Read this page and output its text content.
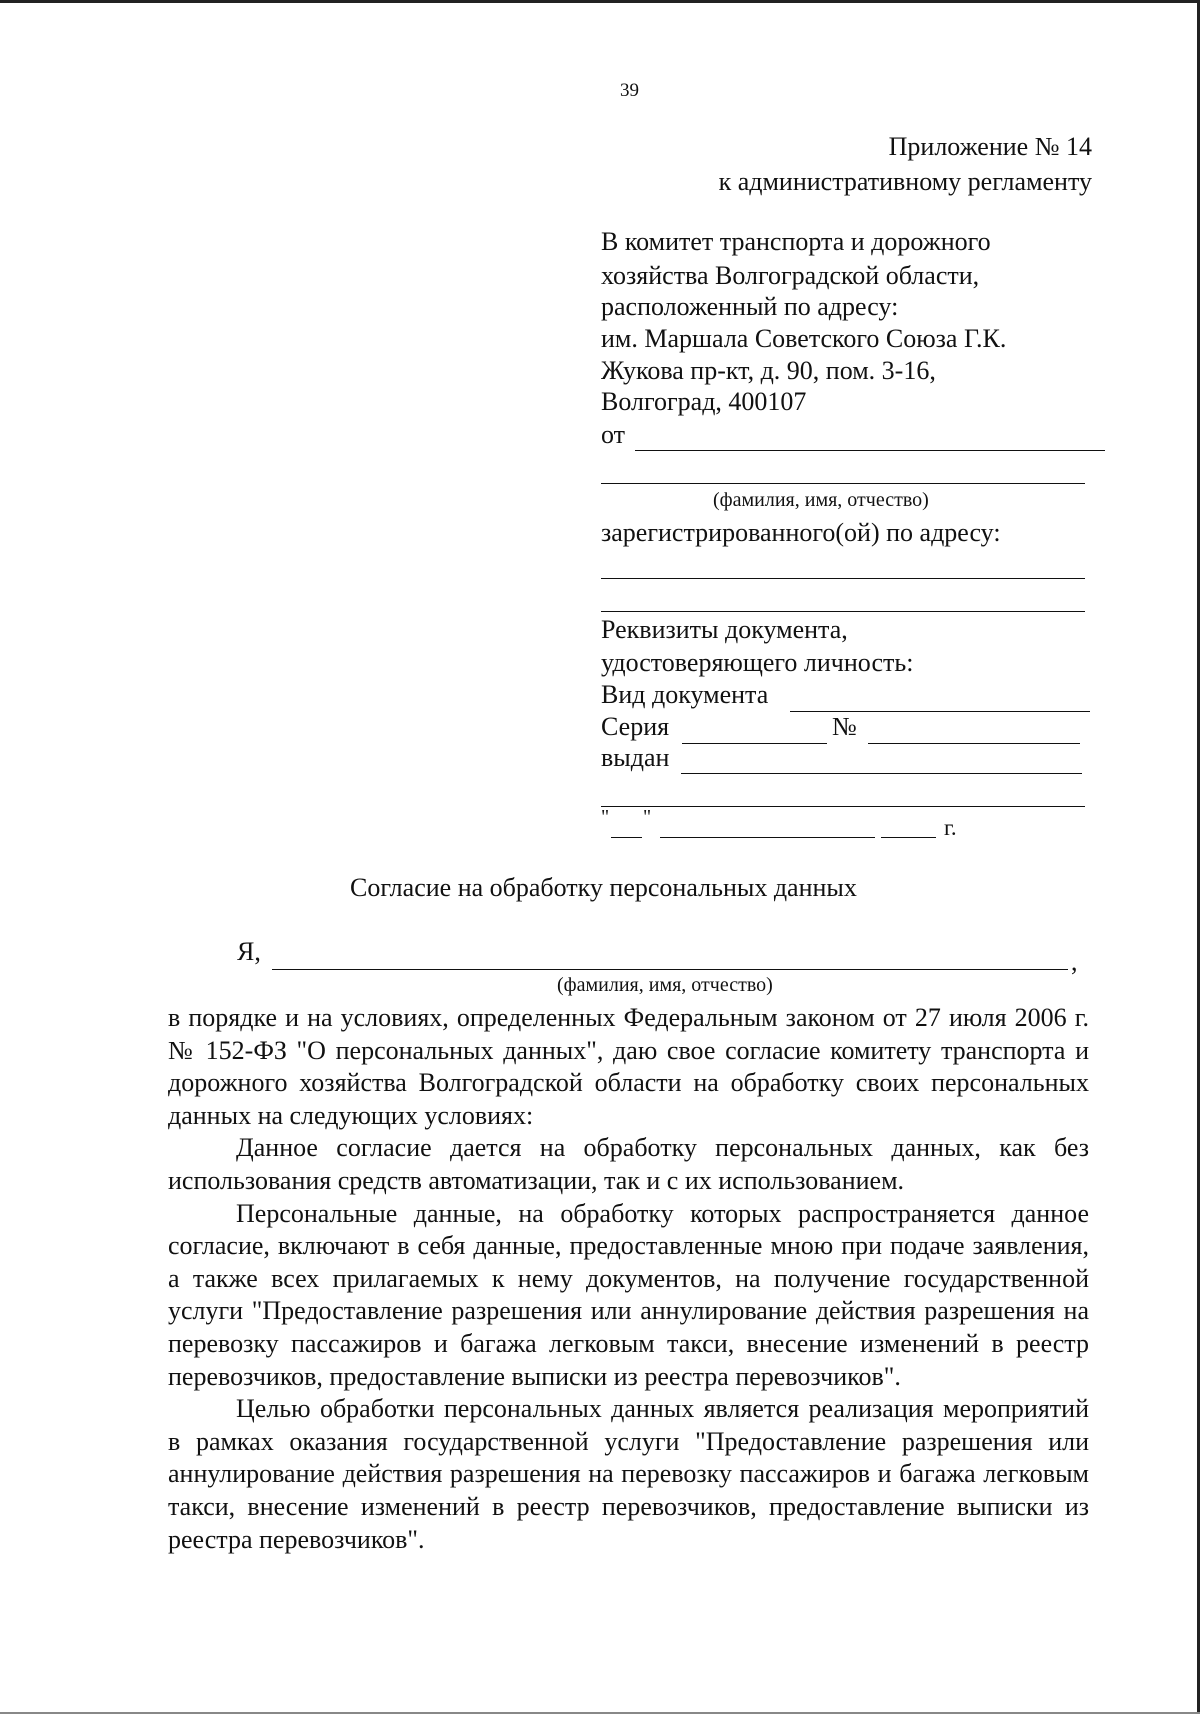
39
Приложение № 14
к административному регламенту
В комитет транспорта и дорожного
хозяйства Волгоградской области,
расположенный по адресу:
им. Маршала Советского Союза Г.К.
Жукова пр-кт, д. 90, пом. 3-16,
Волгоград, 400107
от
(фамилия, имя, отчество)
зарегистрированного(ой) по адресу:
Реквизиты документа,
удостоверяющего личность:
Вид документа
Серия	№
выдан
" "	г.
Согласие на обработку персональных данных
Я,	,
(фамилия, имя, отчество)

в порядке и на условиях, определенных Федеральным законом от 27 июля 2006 г. № 152-ФЗ "О персональных данных", даю свое согласие комитету транспорта и дорожного хозяйства Волгоградской области на обработку своих персональных данных на следующих условиях:

Данное согласие дается на обработку персональных данных, как без использования средств автоматизации, так и с их использованием.

Персональные данные, на обработку которых распространяется данное согласие, включают в себя данные, предоставленные мною при подаче заявления, а также всех прилагаемых к нему документов, на получение государственной услуги "Предоставление разрешения или аннулирование действия разрешения на перевозку пассажиров и багажа легковым такси, внесение изменений в реестр перевозчиков, предоставление выписки из реестра перевозчиков".

Целью обработки персональных данных является реализация мероприятий в рамках оказания государственной услуги "Предоставление разрешения или аннулирование действия разрешения на перевозку пассажиров и багажа легковым такси, внесение изменений в реестр перевозчиков, предоставление выписки из реестра перевозчиков".
